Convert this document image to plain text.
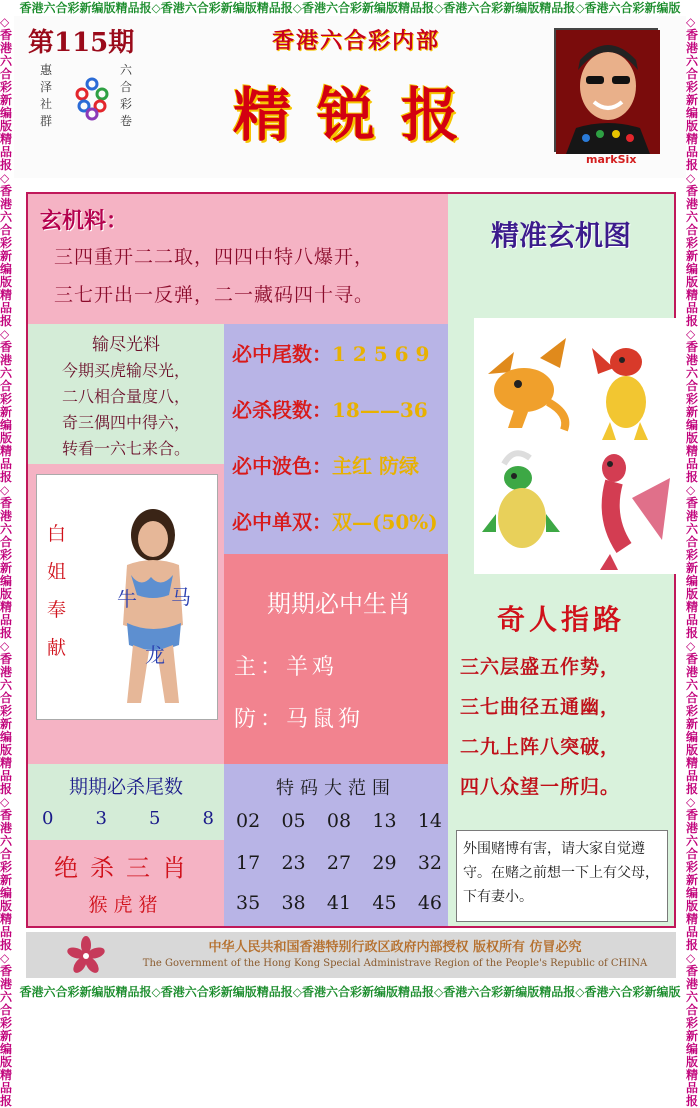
香港六合彩新编版精品报◇香港六合彩新编版精品报◇香港六合彩新编版精品报◇香港六合彩新编版精品报◇香港六合彩新编版
◇香港六合彩新编版精品报◇香港六合彩新编版精品报◇香港六合彩新编版精品报◇香港六合彩新编版精品报◇香港六合彩新编版精品报◇香港六合彩新编版精品报◇香港六合彩新编版精品报
◇香港六合彩新编版精品报◇香港六合彩新编版精品报◇香港六合彩新编版精品报◇香港六合彩新编版精品报◇香港六合彩新编版精品报◇香港六合彩新编版精品报◇香港六合彩新编版精品报
香港六合彩新编版精品报◇香港六合彩新编版精品报◇香港六合彩新编版精品报◇香港六合彩新编版精品报◇香港六合彩新编版
第115期
惠泽社群
六合彩卷
香港六合彩内部
精锐报
markSix
玄机料：
三四重开二二取，四四中特八爆开，
三七开出一反弹，二一藏码四十寻。
输尽光料
今期买虎输尽光，
二八相合量度八，
奇三偶四中得六，
转看一六七来合。
必中尾数：1 2 5 6 9
必杀段数：18——36
必中波色：主红 防绿
必中单双：双—(50%)
白
姐
奉
献
牛 马
龙
期期必中生肖
主：羊鸡
防：马鼠狗
期期必杀尾数
0 3 5 8
绝杀三肖
猴虎猪
特码大范围
02 05 08 13 14
17 23 27 29 32
35 38 41 45 46
精准玄机图
奇人指路
三六层盛五作势，
三七曲径五通幽，
二九上阵八突破，
四八众望一所归。
外围赌博有害，请大家自觉遵守。在赌之前想一下上有父母，下有妻小。
中华人民共和国香港特别行政区政府内部授权 版权所有 仿冒必究
The Government of the Hong Kong Special Administrave Region of the People's Republic of CHINA
